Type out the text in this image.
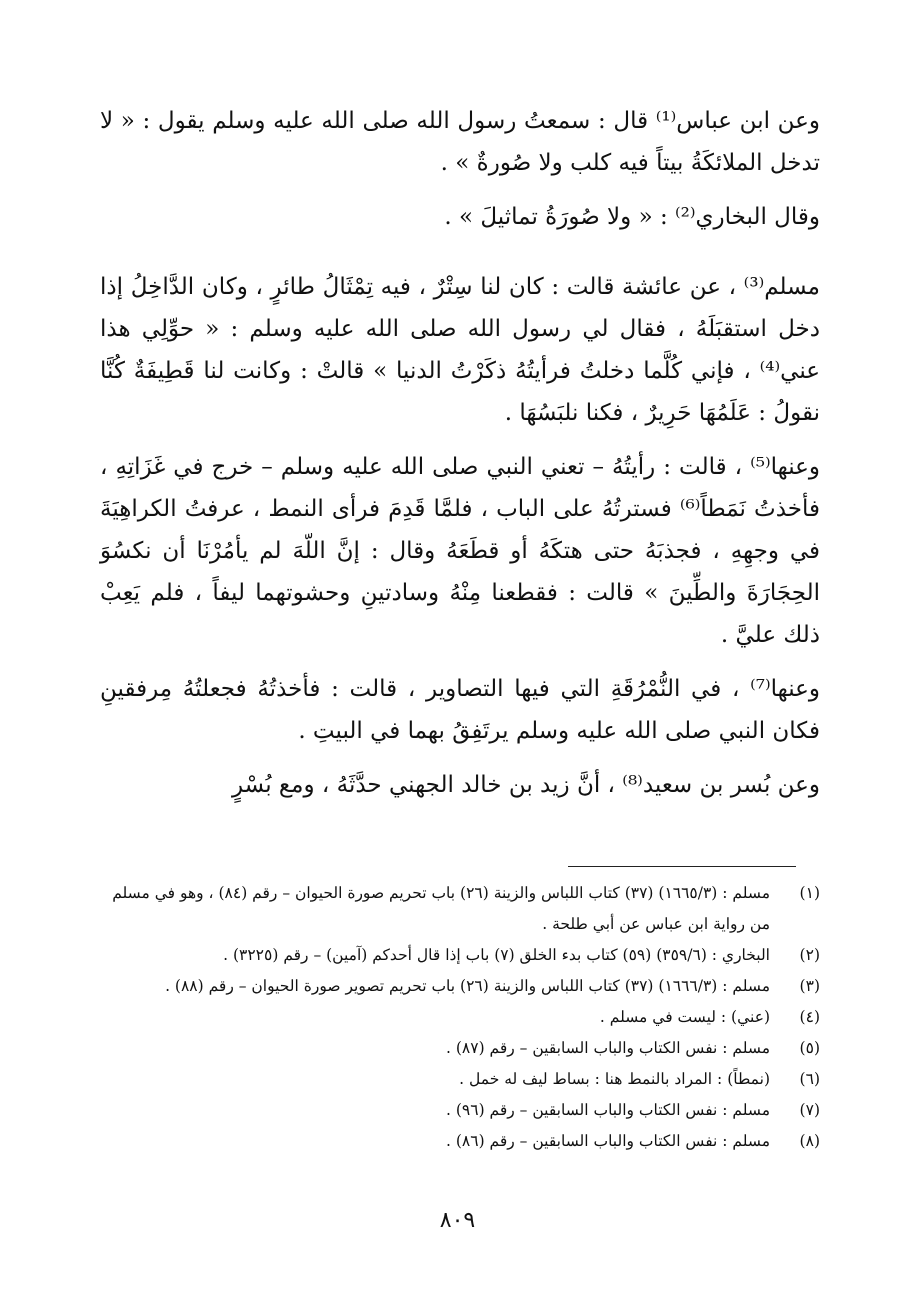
وعن ابن عباس⁽¹⁾ قال : سمعتُ رسول الله صلى الله عليه وسلم يقول : « لا تدخل الملائكَةُ بيتاً فيه كلب ولا صُورةٌ » .

وقال البخاري⁽²⁾ : « ولا صُورَةُ تماثيلَ » .

مسلم⁽³⁾ ، عن عائشة قالت : كان لنا سِتْرٌ ، فيه تِمْثَالُ طائرٍ ، وكان الدَّاخِلُ إذا دخل استقبَلَهُ ، فقال لي رسول الله صلى الله عليه وسلم : « حوِّلِي هذا عني⁽⁴⁾ ، فإني كُلَّما دخلتُ فرأيتُهُ ذكَرْتُ الدنيا » قالتْ : وكانت لنا قَطِيفَةٌ كُنَّا نقولُ : عَلَمُهَا حَرِيرٌ ، فكنا نلبَسُهَا .

وعنها⁽⁵⁾ ، قالت : رأيتُهُ – تعني النبي صلى الله عليه وسلم – خرج في غَزَاتِهِ ، فأخذتُ نَمَطاً⁽⁶⁾ فسترتُهُ على الباب ، فلمَّا قَدِمَ فرأى النمط ، عرفتُ الكراهِيَةَ في وجهِهِ ، فجذبَهُ حتى هتكَهُ أو قطَعَهُ وقال : إنَّ اللّهَ لم يأمُرْنَا أن نكسُوَ الحِجَارَةَ والطِّينَ » قالت : فقطعنا مِنْهُ وسادتينِ وحشوتهما ليفاً ، فلم يَعِبْ ذلك عليَّ .

وعنها⁽⁷⁾ ، في النُّمْرُقَةِ التي فيها التصاوير ، قالت : فأخذتُهُ فجعلتُهُ مِرفقينِ فكان النبي صلى الله عليه وسلم يرتَفِقُ بهما في البيتِ .

وعن بُسر بن سعيد⁽⁸⁾ ، أنَّ زيد بن خالد الجهني حدَّثَهُ ، ومع بُسْرٍ

(١)
مسلم : (١٦٦٥/٣) (٣٧) كتاب اللباس والزينة (٢٦) باب تحريم صورة الحيوان – رقم (٨٤) ، وهو في مسلم من رواية ابن عباس عن أبي طلحة .
(٢)
البخاري : (٣٥٩/٦) (٥٩) كتاب بدء الخلق (٧) باب إذا قال أحدكم (آمين) – رقم (٣٢٢٥) .
(٣)
مسلم : (١٦٦٦/٣) (٣٧) كتاب اللباس والزينة (٢٦) باب تحريم تصوير صورة الحيوان – رقم (٨٨) .
(٤)
(عني) : ليست في مسلم .
(٥)
مسلم : نفس الكتاب والباب السابقين – رقم (٨٧) .
(٦)
(نمطاً) : المراد بالنمط هنا : بساط ليف له خمل .
(٧)
مسلم : نفس الكتاب والباب السابقين – رقم (٩٦) .
(٨)
مسلم : نفس الكتاب والباب السابقين – رقم (٨٦) .
٨٠٩
